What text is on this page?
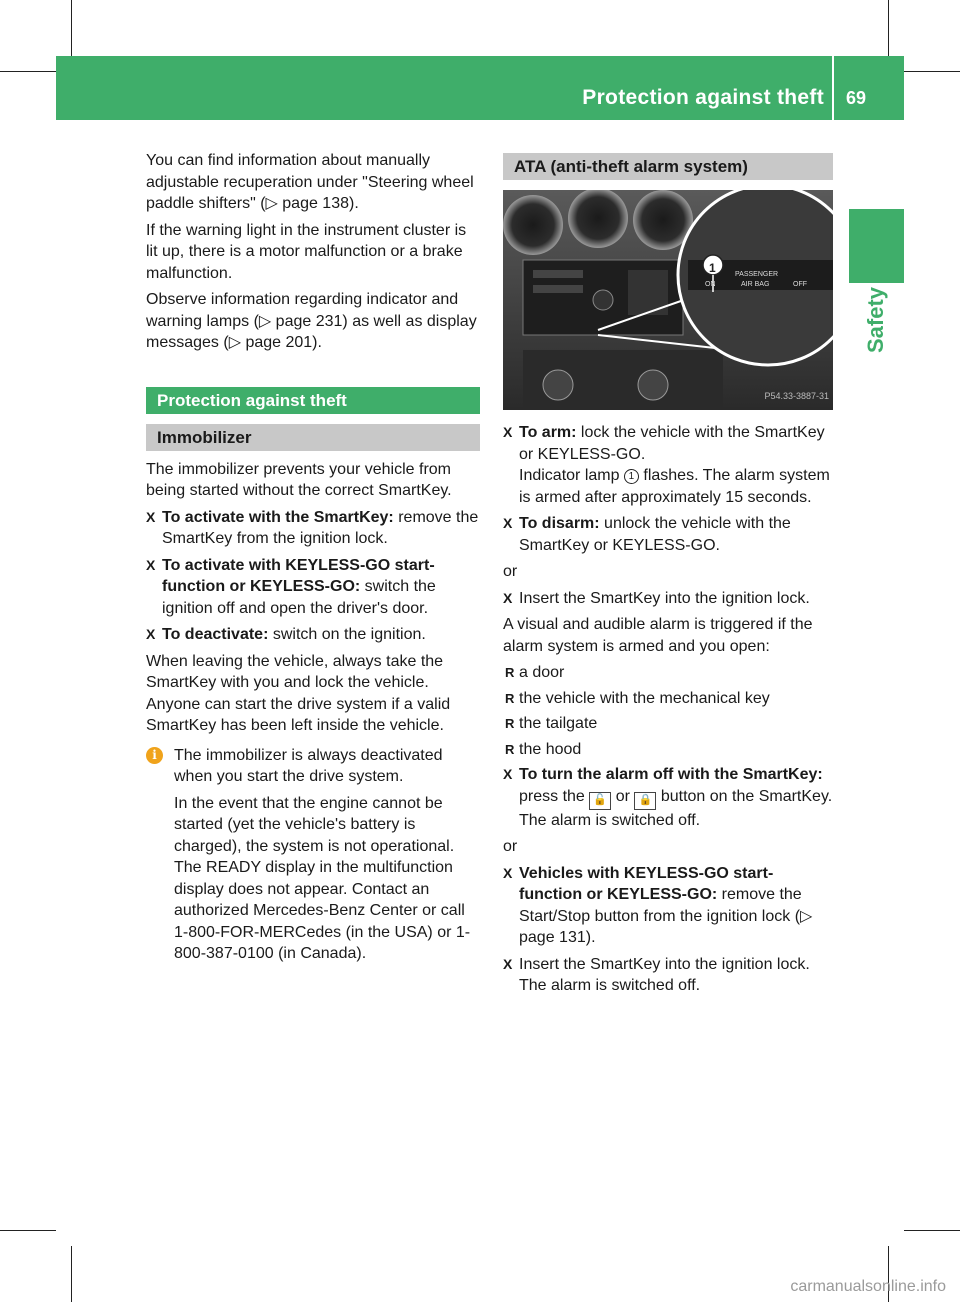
Protection against theft 69
Safety

You can find information about manually adjustable recuperation under "Steering wheel paddle shifters" (▷ page 138).

If the warning light in the instrument cluster is lit up, there is a motor malfunction or a brake malfunction.

Observe information regarding indicator and warning lamps (▷ page 231) as well as display messages (▷ page 201).

Protection against theft
Immobilizer

The immobilizer prevents your vehicle from being started without the correct SmartKey.

X To activate with the SmartKey: remove the SmartKey from the ignition lock.
X To activate with KEYLESS-GO start-function or KEYLESS-GO: switch the ignition off and open the driver's door.
X To deactivate: switch on the ignition.

When leaving the vehicle, always take the SmartKey with you and lock the vehicle. Anyone can start the drive system if a valid SmartKey has been left inside the vehicle.

i	The immobilizer is always deactivated when you start the drive system.

In the event that the engine cannot be started (yet the vehicle's battery is charged), the system is not operational. The READY display in the multifunction display does not appear. Contact an authorized Mercedes-Benz Center or call 1-800-FOR-MERCedes (in the USA) or 1-800-387-0100 (in Canada).

ATA (anti-theft alarm system)
1
ON
PASSENGER
AIR BAG	OFF
P54.33-3887-31
X To arm: lock the vehicle with the SmartKey or KEYLESS-GO.
Indicator lamp 1 flashes. The alarm system is armed after approximately 15 seconds.
X To disarm: unlock the vehicle with the SmartKey or KEYLESS-GO.

or

X Insert the SmartKey into the ignition lock.

A visual and audible alarm is triggered if the alarm system is armed and you open:

R a door
R the vehicle with the mechanical key
R the tailgate
R the hood
X To turn the alarm off with the SmartKey: press the 🔓 or 🔒 button on the SmartKey.
The alarm is switched off.

or

X Vehicles with KEYLESS-GO start-function or KEYLESS-GO: remove the Start/Stop button from the ignition lock (▷ page 131).
X Insert the SmartKey into the ignition lock.
The alarm is switched off.
carmanualsonline.info
